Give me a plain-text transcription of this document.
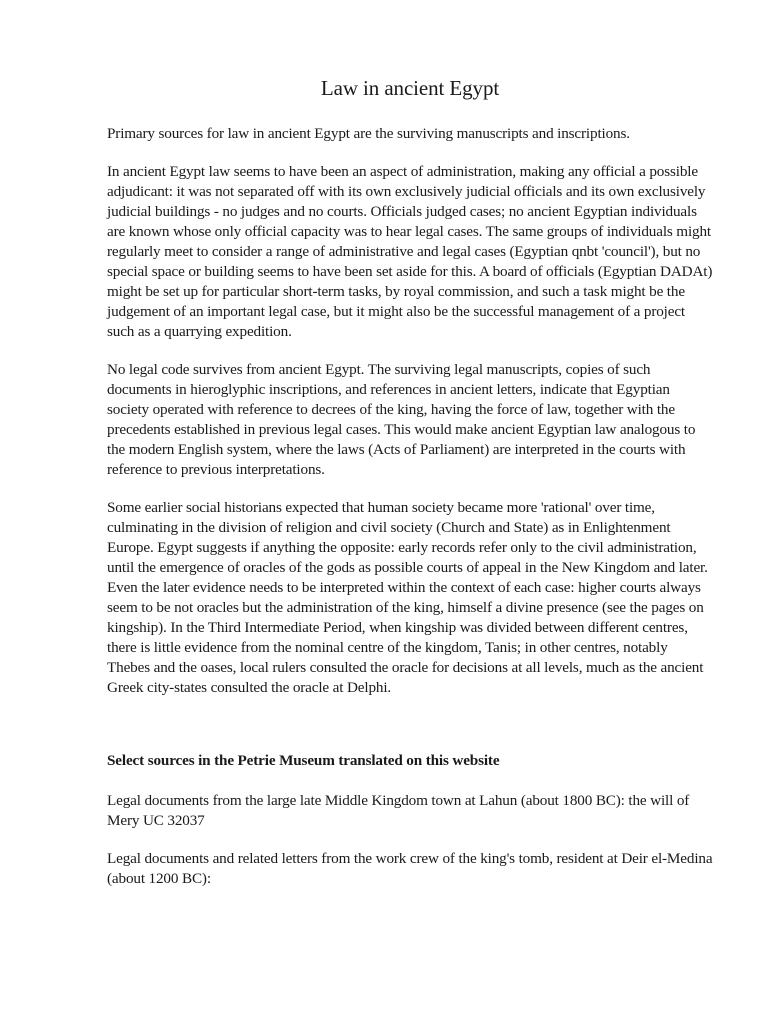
Law in ancient Egypt

Primary sources for law in ancient Egypt are the surviving manuscripts and inscriptions.

In ancient Egypt law seems to have been an aspect of administration, making any official a possible adjudicant: it was not separated off with its own exclusively judicial officials and its own exclusively judicial buildings - no judges and no courts. Officials judged cases; no ancient Egyptian individuals are known whose only official capacity was to hear legal cases. The same groups of individuals might regularly meet to consider a range of administrative and legal cases (Egyptian qnbt 'council'), but no special space or building seems to have been set aside for this. A board of officials (Egyptian DADAt) might be set up for particular short-term tasks, by royal commission, and such a task might be the judgement of an important legal case, but it might also be the successful management of a project such as a quarrying expedition.

No legal code survives from ancient Egypt. The surviving legal manuscripts, copies of such documents in hieroglyphic inscriptions, and references in ancient letters, indicate that Egyptian society operated with reference to decrees of the king, having the force of law, together with the precedents established in previous legal cases. This would make ancient Egyptian law analogous to the modern English system, where the laws (Acts of Parliament) are interpreted in the courts with reference to previous interpretations.

Some earlier social historians expected that human society became more 'rational' over time, culminating in the division of religion and civil society (Church and State) as in Enlightenment Europe. Egypt suggests if anything the opposite: early records refer only to the civil administration, until the emergence of oracles of the gods as possible courts of appeal in the New Kingdom and later. Even the later evidence needs to be interpreted within the context of each case: higher courts always seem to be not oracles but the administration of the king, himself a divine presence (see the pages on kingship). In the Third Intermediate Period, when kingship was divided between different centres, there is little evidence from the nominal centre of the kingdom, Tanis; in other centres, notably Thebes and the oases, local rulers consulted the oracle for decisions at all levels, much as the ancient Greek city-states consulted the oracle at Delphi.

Select sources in the Petrie Museum translated on this website

Legal documents from the large late Middle Kingdom town at Lahun (about 1800 BC): the will of Mery UC 32037

Legal documents and related letters from the work crew of the king's tomb, resident at Deir el-Medina (about 1200 BC):
